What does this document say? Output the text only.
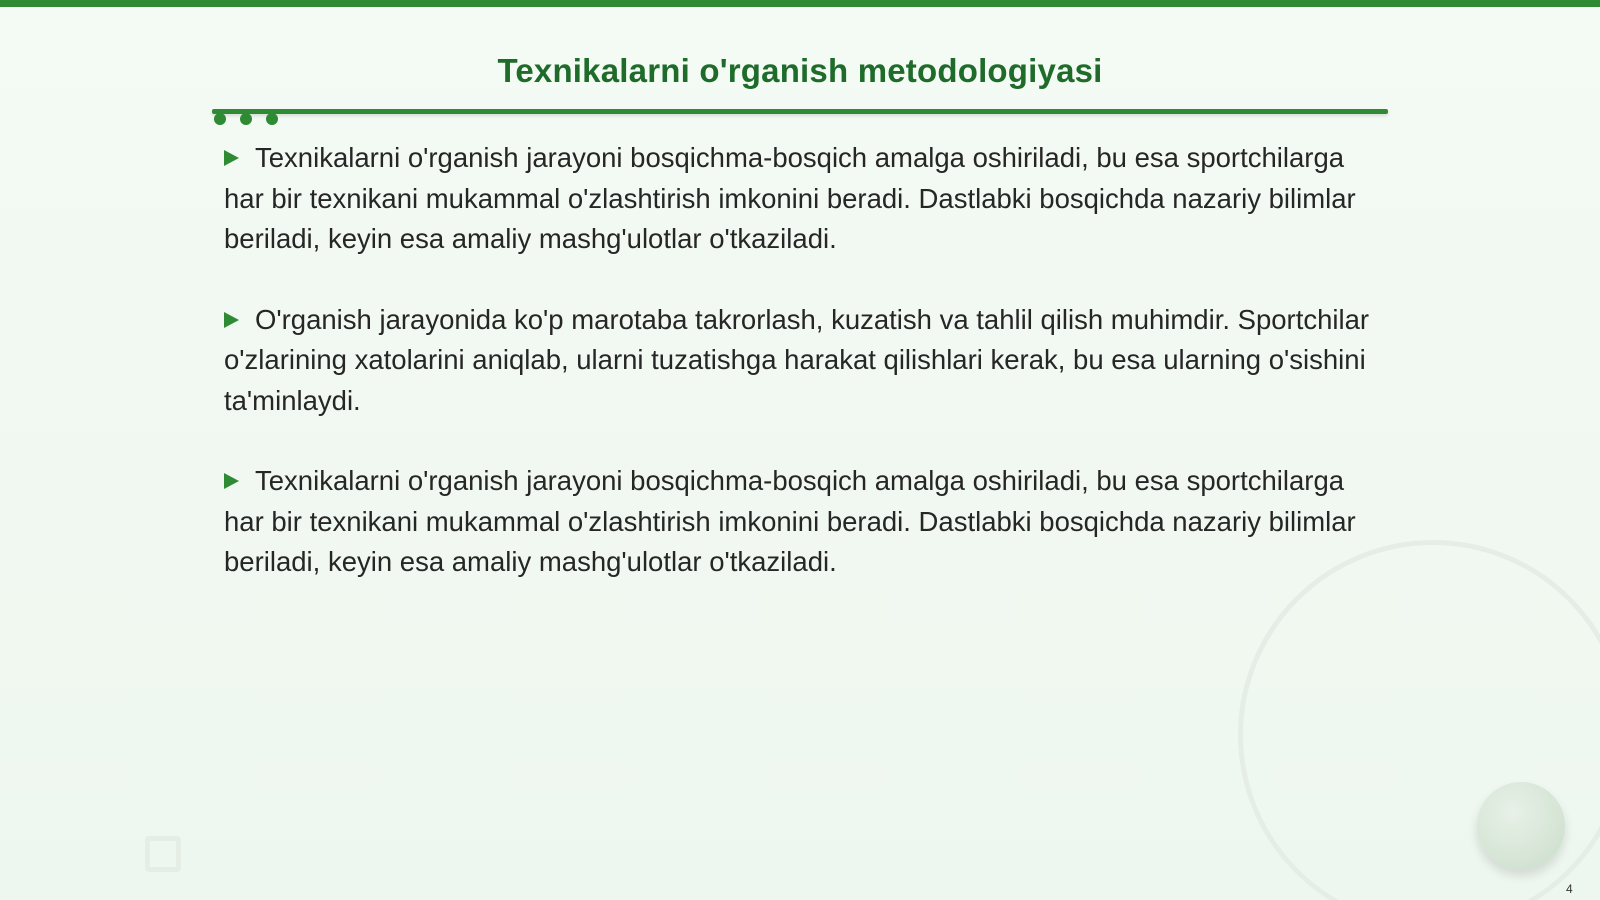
Texnikalarni o'rganish metodologiyasi

Texnikalarni o'rganish jarayoni bosqichma-bosqich amalga oshiriladi, bu esa sportchilarga har bir texnikani mukammal o'zlashtirish imkonini beradi. Dastlabki bosqichda nazariy bilimlar beriladi, keyin esa amaliy mashg'ulotlar o'tkaziladi.

O'rganish jarayonida ko'p marotaba takrorlash, kuzatish va tahlil qilish muhimdir. Sportchilar o'zlarining xatolarini aniqlab, ularni tuzatishga harakat qilishlari kerak, bu esa ularning o'sishini ta'minlaydi.

Texnikalarni o'rganish jarayoni bosqichma-bosqich amalga oshiriladi, bu esa sportchilarga har bir texnikani mukammal o'zlashtirish imkonini beradi. Dastlabki bosqichda nazariy bilimlar beriladi, keyin esa amaliy mashg'ulotlar o'tkaziladi.

4
